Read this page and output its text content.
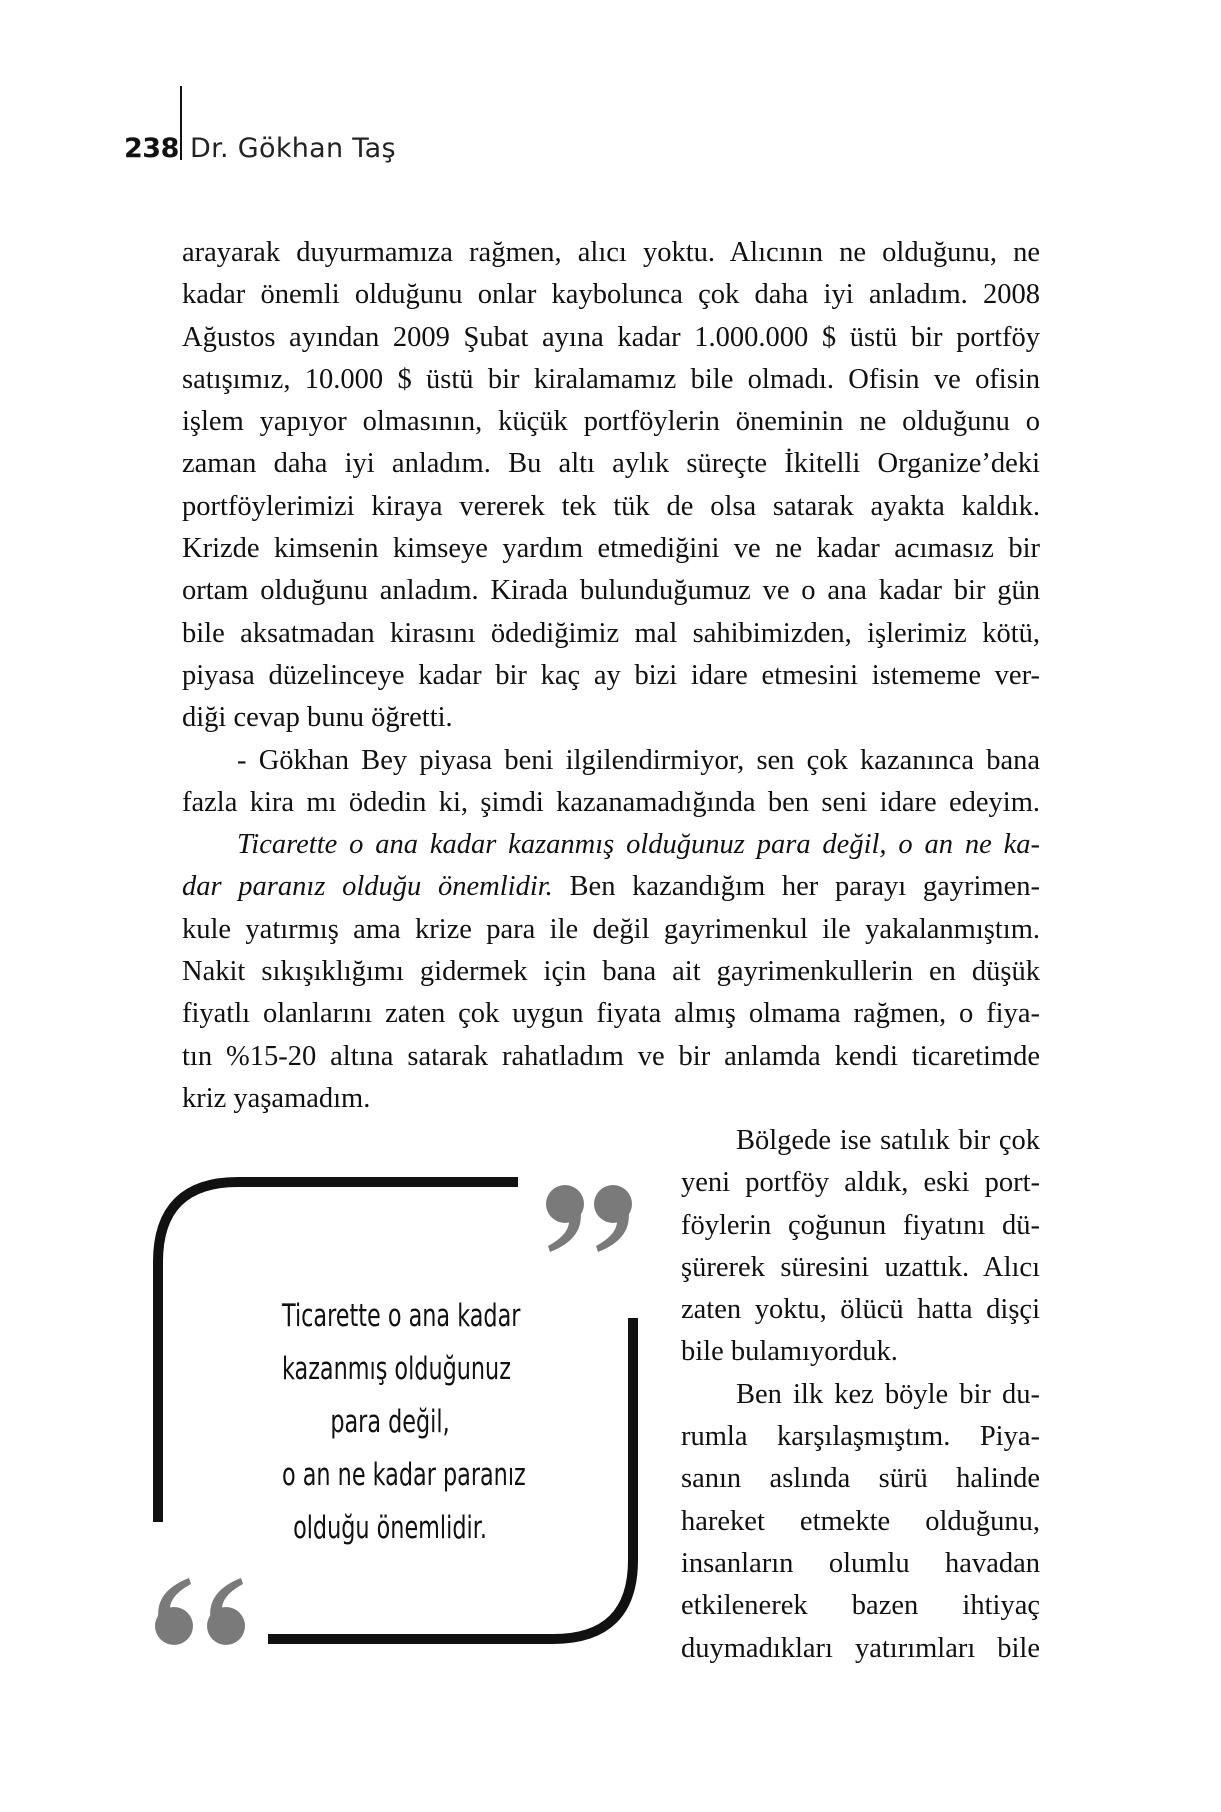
238 Dr. Gökhan Taş
arayarak duyurmamıza rağmen, alıcı yoktu. Alıcının ne olduğunu, ne
kadar önemli olduğunu onlar kaybolunca çok daha iyi anladım. 2008
Ağustos ayından 2009 Şubat ayına kadar 1.000.000 $ üstü bir portföy
satışımız, 10.000 $ üstü bir kiralamamız bile olmadı. Ofisin ve ofisin
işlem yapıyor olmasının, küçük portföylerin öneminin ne olduğunu o
zaman daha iyi anladım. Bu altı aylık süreçte İkitelli Organize’deki
portföylerimizi kiraya vererek tek tük de olsa satarak ayakta kaldık.
Krizde kimsenin kimseye yardım etmediğini ve ne kadar acımasız bir
ortam olduğunu anladım. Kirada bulunduğumuz ve o ana kadar bir gün
bile aksatmadan kirasını ödediğimiz mal sahibimizden, işlerimiz kötü,
piyasa düzelinceye kadar bir kaç ay bizi idare etmesini istememe ver-
diği cevap bunu öğretti.
- Gökhan Bey piyasa beni ilgilendirmiyor, sen çok kazanınca bana
fazla kira mı ödedin ki, şimdi kazanamadığında ben seni idare edeyim.
Ticarette o ana kadar kazanmış olduğunuz para değil, o an ne ka-
dar paranız olduğu önemlidir. Ben kazandığım her parayı gayrimen-
kule yatırmış ama krize para ile değil gayrimenkul ile yakalanmıştım.
Nakit sıkışıklığımı gidermek için bana ait gayrimenkullerin en düşük
fiyatlı olanlarını zaten çok uygun fiyata almış olmama rağmen, o fiya-
tın %15-20 altına satarak rahatladım ve bir anlamda kendi ticaretimde
kriz yaşamadım.
Bölgede ise satılık bir çok
yeni portföy aldık, eski port-
föylerin çoğunun fiyatını dü-
şürerek süresini uzattık. Alıcı
zaten yoktu, ölücü hatta dişçi
bile bulamıyorduk.
Ben ilk kez böyle bir du-
rumla karşılaşmıştım. Piya-
sanın aslında sürü halinde
hareket etmekte olduğunu,
insanların olumlu havadan
etkilenerek bazen ihtiyaç
duymadıkları yatırımları bile
Ticarette o ana kadar
kazanmış olduğunuz
para değil,
o an ne kadar paranız
olduğu önemlidir.
